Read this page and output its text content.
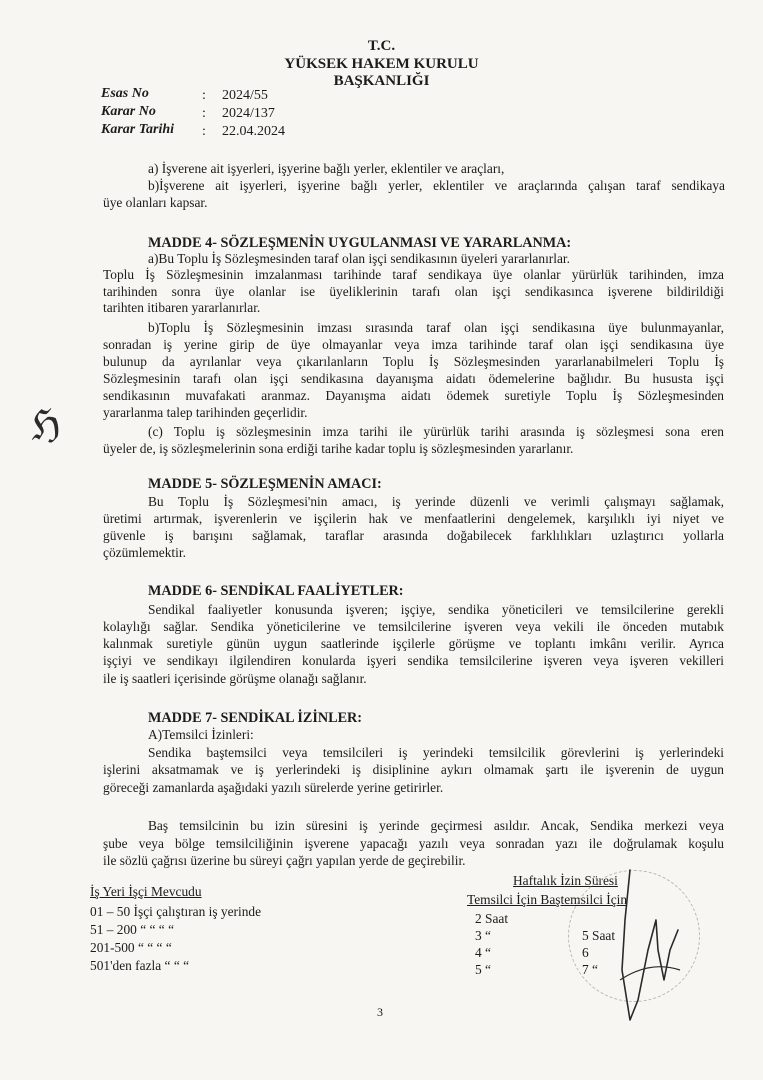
T.C.
YÜKSEK HAKEM KURULU
BAŞKANLIĞI
Esas No	: 2024/55
Karar No	: 2024/137
Karar Tarihi : 22.04.2024
a) İşverene ait işyerleri, işyerine bağlı yerler, eklentiler ve araçları,
b)İşverene ait işyerleri, işyerine bağlı yerler, eklentiler ve araçlarında çalışan taraf sendikaya
üye olanları kapsar.
MADDE 4- SÖZLEŞMENİN UYGULANMASI VE YARARLANMA:
a)Bu Toplu İş Sözleşmesinden taraf olan işçi sendikasının üyeleri yararlanırlar.
Toplu İş Sözleşmesinin imzalanması tarihinde taraf sendikaya üye olanlar yürürlük tarihinden, imza
tarihinden sonra üye olanlar ise üyeliklerinin tarafı olan işçi sendikasınca işverene bildirildiği
tarihten itibaren yararlanırlar.
b)Toplu İş Sözleşmesinin imzası sırasında taraf olan işçi sendikasına üye bulunmayanlar,
sonradan iş yerine girip de üye olmayanlar veya imza tarihinde taraf olan işçi sendikasına üye
bulunup da ayrılanlar veya çıkarılanların Toplu İş Sözleşmesinden yararlanabilmeleri Toplu İş
Sözleşmesinin tarafı olan işçi sendikasına dayanışma aidatı ödemelerine bağlıdır. Bu hususta işçi
sendikasının muvafakati aranmaz. Dayanışma aidatı ödemek suretiyle Toplu İş Sözleşmesinden
yararlanma talep tarihinden geçerlidir.
(c) Toplu iş sözleşmesinin imza tarihi ile yürürlük tarihi arasında iş sözleşmesi sona eren
üyeler de, iş sözleşmelerinin sona erdiği tarihe kadar toplu iş sözleşmesinden yararlanır.
ℌ
MADDE 5- SÖZLEŞMENİN AMACI:
Bu Toplu İş Sözleşmesi'nin amacı, iş yerinde düzenli ve verimli çalışmayı sağlamak,
üretimi artırmak, işverenlerin ve işçilerin hak ve menfaatlerini dengelemek, karşılıklı iyi niyet ve
güvenle iş barışını sağlamak, taraflar arasında doğabilecek farklılıkları uzlaştırıcı yollarla
çözümlemektir.
MADDE 6- SENDİKAL FAALİYETLER:
Sendikal faaliyetler konusunda işveren; işçiye, sendika yöneticileri ve temsilcilerine gerekli
kolaylığı sağlar. Sendika yöneticilerine ve temsilcilerine işveren veya vekili ile önceden mutabık
kalınmak suretiyle günün uygun saatlerinde işçilerle görüşme ve toplantı imkânı verilir. Ayrıca
işçiyi ve sendikayı ilgilendiren konularda işyeri sendika temsilcilerine işveren veya işveren vekilleri
ile iş saatleri içerisinde görüşme olanağı sağlanır.
MADDE 7- SENDİKAL İZİNLER:
A)Temsilci İzinleri:
Sendika baştemsilci veya temsilcileri iş yerindeki temsilcilik görevlerini iş yerlerindeki
işlerini aksatmamak ve iş yerlerindeki iş disiplinine aykırı olmamak şartı ile işverenin de uygun
göreceği zamanlarda aşağıdaki yazılı sürelerde yerine getirirler.
Baş temsilcinin bu izin süresini iş yerinde geçirmesi asıldır. Ancak, Sendika merkezi veya
şube veya bölge temsilciliğinin işverene yapacağı yazılı veya sonradan yazı ile doğrulamak koşulu
ile sözlü çağrısı üzerine bu süreyi çağrı yapılan yerde de geçirebilir.
İş Yeri İşçi Mevcudu
01 – 50 İşçi çalıştıran iş yerinde
51 – 200 “ “ “ “
201-500 “ “ “ “
501'den fazla “ “ “
Haftalık İzin Süresi
Temsilci İçin Baştemsilci İçin
2 Saat
3 “
4 “
5 “
5 Saat
6
7 “
3
